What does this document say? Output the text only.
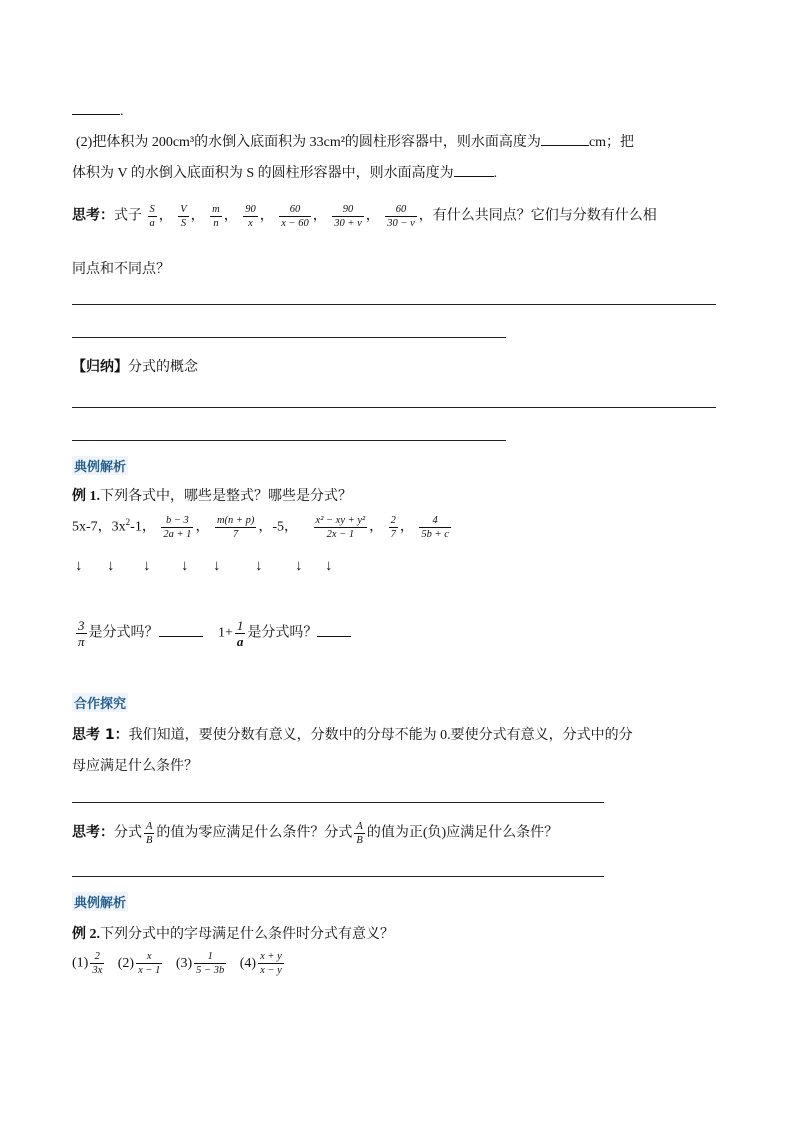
.
(2)把体积为 200cm³的水倒入底面积为 33cm²的圆柱形容器中，则水面高度为	cm；把
体积为 V 的水倒入底面积为 S 的圆柱形容器中，则水面高度为	.
思考：式子 $\frac{S}{a}$ ， $\frac{V}{S}$ ， $\frac{m}{n}$ ， $\frac{90}{x}$ ， $\frac{60}{x - 60}$ ， $\frac{90}{30 + v}$ ， $\frac{60}{30 - v}$ ，有什么共同点？它们与分数有什么相
同点和不同点？
【归纳】分式的概念
典例解析
例 1.下列各式中，哪些是整式？哪些是分式？
5x-7，$3x^2-1$， $\frac{b - 3}{2a + 1}$ ， $\frac{m(n + p)}{7}$ ，-5， $\frac{\text{x² − xy + y²}}{2x - 1}$ ， $\frac{2}{7}$ ， $\frac{4}{5b + c}$
↓ ↓ ↓ ↓ ↓ ↓ ↓ ↓
$\frac{3}{\pi}$ 是分式吗？	$1+ \frac{1}{a}$ 是分式吗？
合作探究
思考 1：我们知道，要使分数有意义，分数中的分母不能为 0.要使分式有意义，分式中的分
母应满足什么条件？
思考：分式 $\frac{A}{B}$ 的值为零应满足什么条件？分式 $\frac{A}{B}$ 的值为正(负)应满足什么条件？
典例解析
例 2.下列分式中的字母满足什么条件时分式有意义？
$(1) \frac{2}{3x} (2) \frac{x}{x - 1} (3) \frac{1}{5 - 3b} (4) \frac{x + y}{x - y}$
